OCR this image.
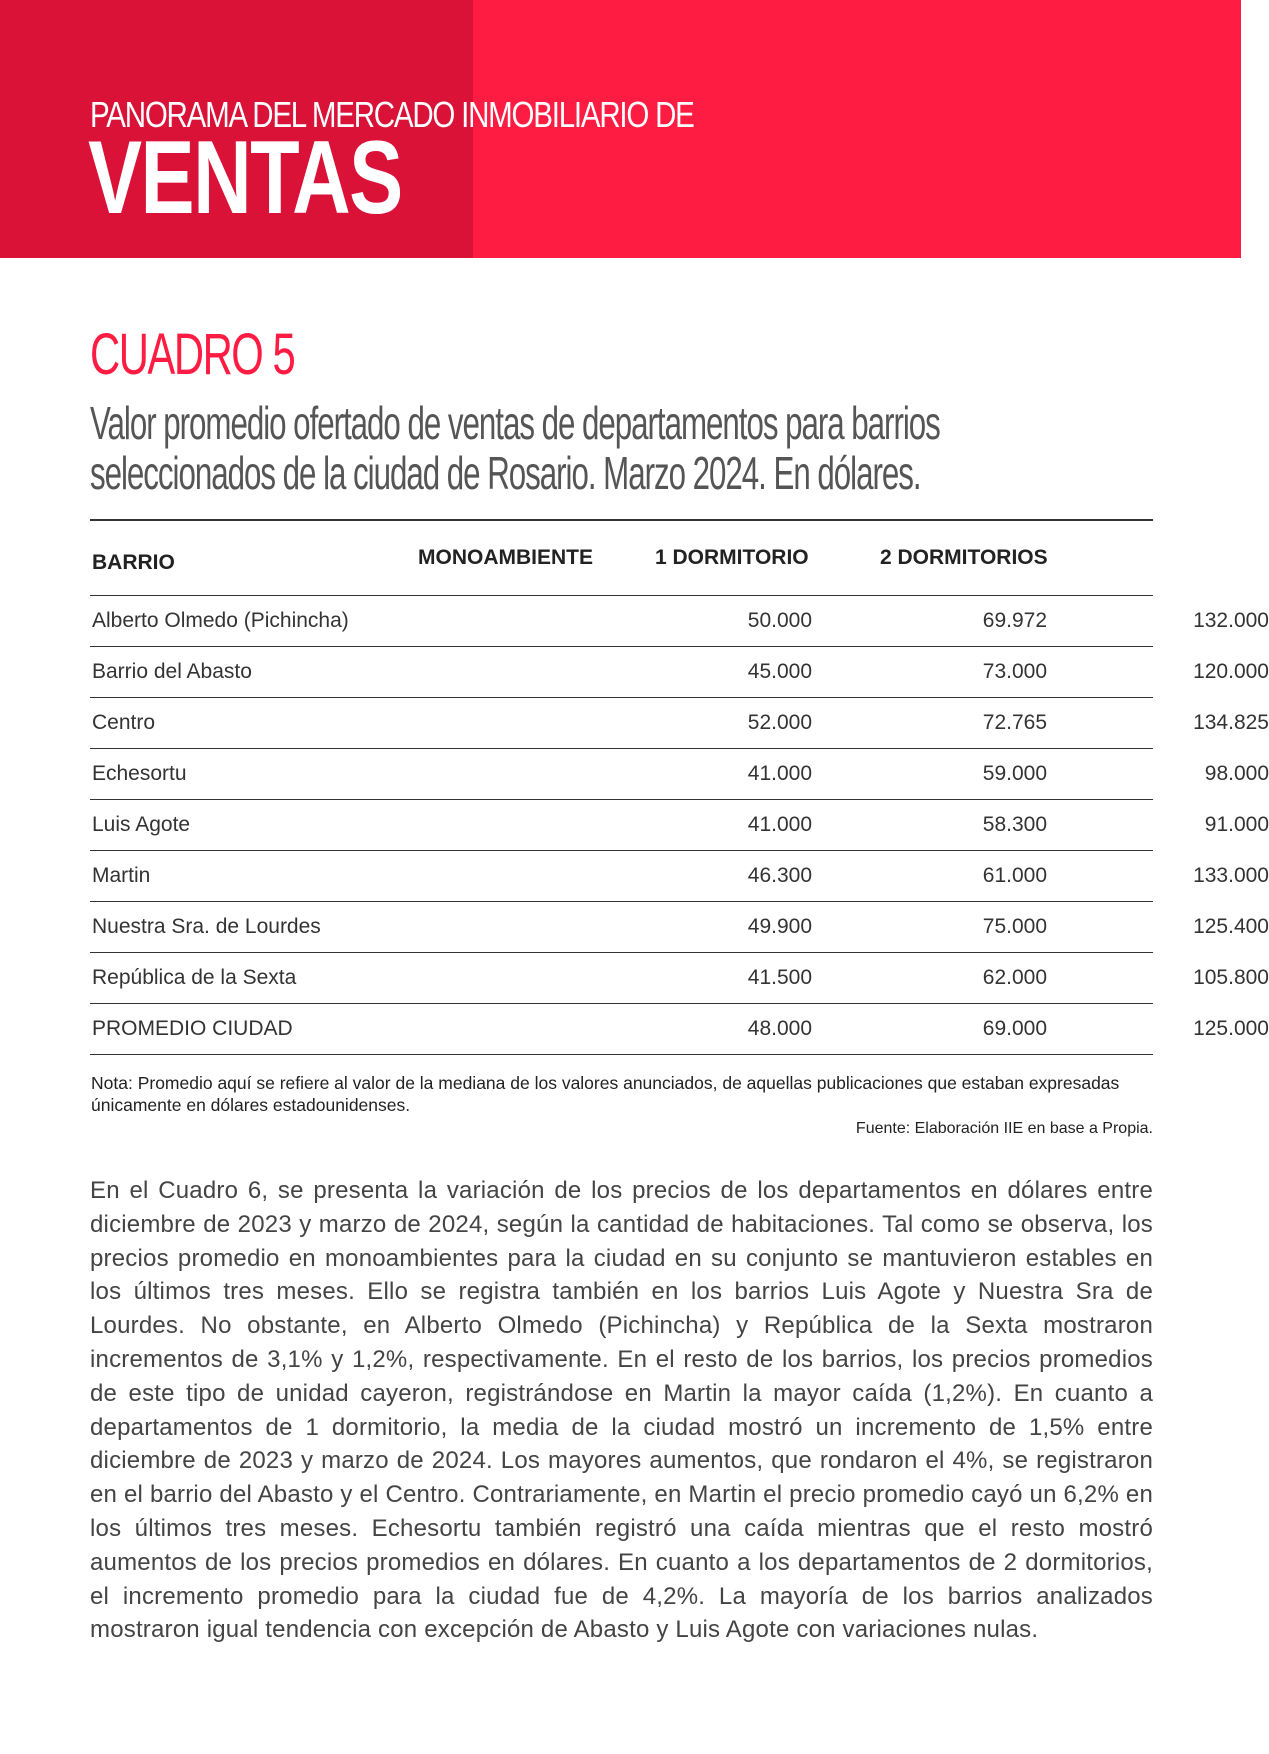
PANORAMA DEL MERCADO INMOBILIARIO DE
VENTAS
CUADRO 5
Valor promedio ofertado de ventas de departamentos para barrios seleccionados de la ciudad de Rosario. Marzo 2024. En dólares.
BARRIO	MONOAMBIENTE	1 DORMITORIO	2 DORMITORIOS
Alberto Olmedo (Pichincha)	50.000	69.972	132.000
Barrio del Abasto	45.000	73.000	120.000
Centro	52.000	72.765	134.825
Echesortu	41.000	59.000	98.000
Luis Agote	41.000	58.300	91.000
Martin	46.300	61.000	133.000
Nuestra Sra. de Lourdes	49.900	75.000	125.400
República de la Sexta	41.500	62.000	105.800
PROMEDIO CIUDAD	48.000	69.000	125.000
Nota: Promedio aquí se refiere al valor de la mediana de los valores anunciados, de aquellas publicaciones que estaban expresadas únicamente en dólares estadounidenses.
Fuente: Elaboración IIE en base a Propia.
En el Cuadro 6, se presenta la variación de los precios de los departamentos en dólares entre diciembre de 2023 y marzo de 2024, según la cantidad de habitaciones. Tal como se observa, los precios promedio en monoambientes para la ciudad en su conjunto se mantuvieron estables en los últimos tres meses. Ello se registra también en los barrios Luis Agote y Nuestra Sra de Lourdes. No obstante, en Alberto Olmedo (Pichincha) y República de la Sexta mostraron incrementos de 3,1% y 1,2%, respectivamente. En el resto de los barrios, los precios promedios de este tipo de unidad cayeron, registrándose en Martin la mayor caída (1,2%). En cuanto a departamentos de 1 dormitorio, la media de la ciudad mostró un incremento de 1,5% entre diciembre de 2023 y marzo de 2024. Los mayores aumentos, que rondaron el 4%, se registraron en el barrio del Abasto y el Centro. Contrariamente, en Martin el precio promedio cayó un 6,2% en los últimos tres meses. Echesortu también registró una caída mientras que el resto mostró aumentos de los precios promedios en dólares. En cuanto a los departamentos de 2 dormitorios, el incremento promedio para la ciudad fue de 4,2%. La mayoría de los barrios analizados mostraron igual tendencia con excepción de Abasto y Luis Agote con variaciones nulas.
